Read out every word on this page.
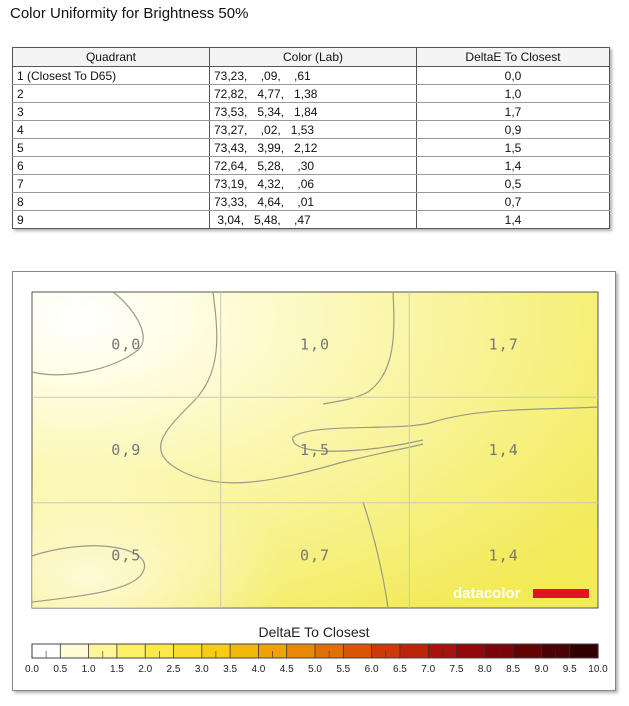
Color Uniformity for Brightness 50%
Quadrant	Color (Lab)	DeltaE To Closest
1 (Closest To D65)	73,23,    ,09,    ,61	0,0
2	72,82,   4,77,   1,38	1,0
3	73,53,   5,34,   1,84	1,7
4	73,27,    ,02,   1,53	0,9
5	73,43,   3,99,   2,12	1,5
6	72,64,   5,28,    ,30	1,4
7	73,19,   4,32,    ,06	0,5
8	73,33,   4,64,    ,01	0,7
9	3,04,   5,48,    ,47	1,4
0,0	1,0	1,7
0,9	1,5	1,4
0,5	0,7	1,4
datacolor
DeltaE To Closest
0.0 0.5 1.0 1.5 2.0 2.5 3.0 3.5 4.0 4.5 5.0 5.5 6.0 6.5 7.0 7.5 8.0 8.5 9.0 9.5 10.0
